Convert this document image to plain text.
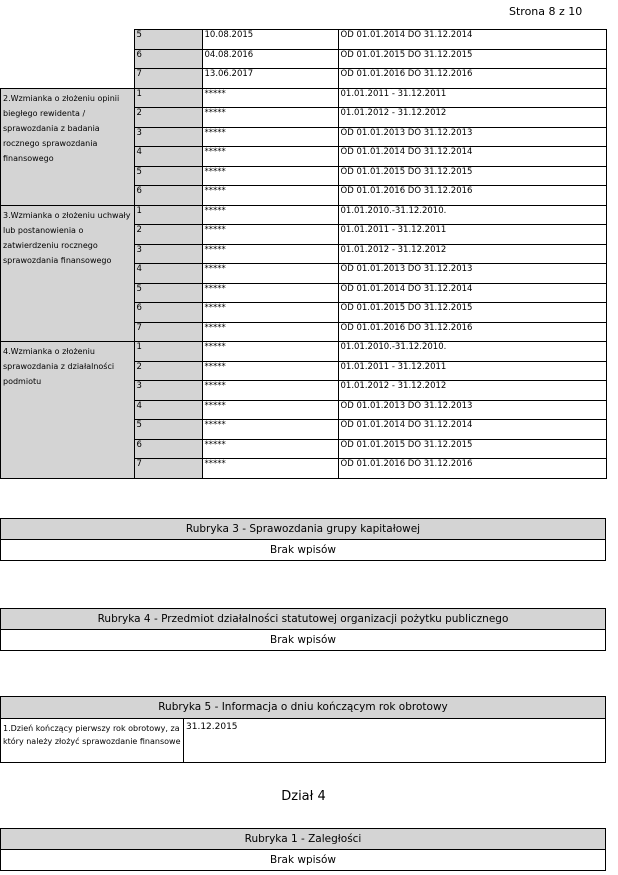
Strona 8 z 10
	5	10.08.2015	OD 01.01.2014 DO 31.12.2014
	6	04.08.2016	OD 01.01.2015 DO 31.12.2015
	7	13.06.2017	OD 01.01.2016 DO 31.12.2016
2.Wzmianka o złożeniu opinii biegłego rewidenta / sprawozdania z badania rocznego sprawozdania finansowego	1	*****	01.01.2011 - 31.12.2011
	2	*****	01.01.2012 - 31.12.2012
	3	*****	OD 01.01.2013 DO 31.12.2013
	4	*****	OD 01.01.2014 DO 31.12.2014
	5	*****	OD 01.01.2015 DO 31.12.2015
	6	*****	OD 01.01.2016 DO 31.12.2016
3.Wzmianka o złożeniu uchwały lub postanowienia o zatwierdzeniu rocznego sprawozdania finansowego	1	*****	01.01.2010.-31.12.2010.
	2	*****	01.01.2011 - 31.12.2011
	3	*****	01.01.2012 - 31.12.2012
	4	*****	OD 01.01.2013 DO 31.12.2013
	5	*****	OD 01.01.2014 DO 31.12.2014
	6	*****	OD 01.01.2015 DO 31.12.2015
	7	*****	OD 01.01.2016 DO 31.12.2016
4.Wzmianka o złożeniu sprawozdania z działalności podmiotu	1	*****	01.01.2010.-31.12.2010.
	2	*****	01.01.2011 - 31.12.2011
	3	*****	01.01.2012 - 31.12.2012
	4	*****	OD 01.01.2013 DO 31.12.2013
	5	*****	OD 01.01.2014 DO 31.12.2014
	6	*****	OD 01.01.2015 DO 31.12.2015
	7	*****	OD 01.01.2016 DO 31.12.2016
Rubryka 3 - Sprawozdania grupy kapitałowej
Brak wpisów
Rubryka 4 - Przedmiot działalności statutowej organizacji pożytku publicznego
Brak wpisów
Rubryka 5 - Informacja o dniu kończącym rok obrotowy
1.Dzień kończący pierwszy rok obrotowy, za który należy złożyć sprawozdanie finansowe	31.12.2015
Dział 4
Rubryka 1 - Zaległości
Brak wpisów
